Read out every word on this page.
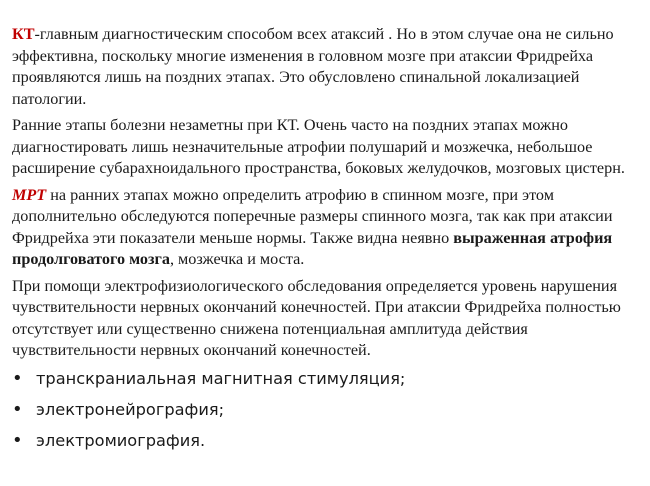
КТ-главным диагностическим способом всех атаксий . Но в этом случае она не сильно эффективна, поскольку многие изменения в головном мозге при атаксии Фридрейха проявляются лишь на поздних этапах. Это обусловлено спинальной локализацией патологии.

Ранние этапы болезни незаметны при КТ. Очень часто на поздних этапах можно диагностировать лишь незначительные атрофии полушарий и мозжечка, небольшое расширение субарахноидального пространства, боковых желудочков, мозговых цистерн.

МРТ на ранних этапах можно определить атрофию в спинном мозге, при этом дополнительно обследуются поперечные размеры спинного мозга, так как при атаксии Фридрейха эти показатели меньше нормы. Также видна неявно выраженная атрофия продолговатого мозга, мозжечка и моста.

При помощи электрофизиологического обследования определяется уровень нарушения чувствительности нервных окончаний конечностей. При атаксии Фридрейха полностью отсутствует или существенно снижена потенциальная амплитуда действия чувствительности нервных окончаний конечностей.

• транскраниальная магнитная стимуляция;
• электронейрография;
• электромиография.
